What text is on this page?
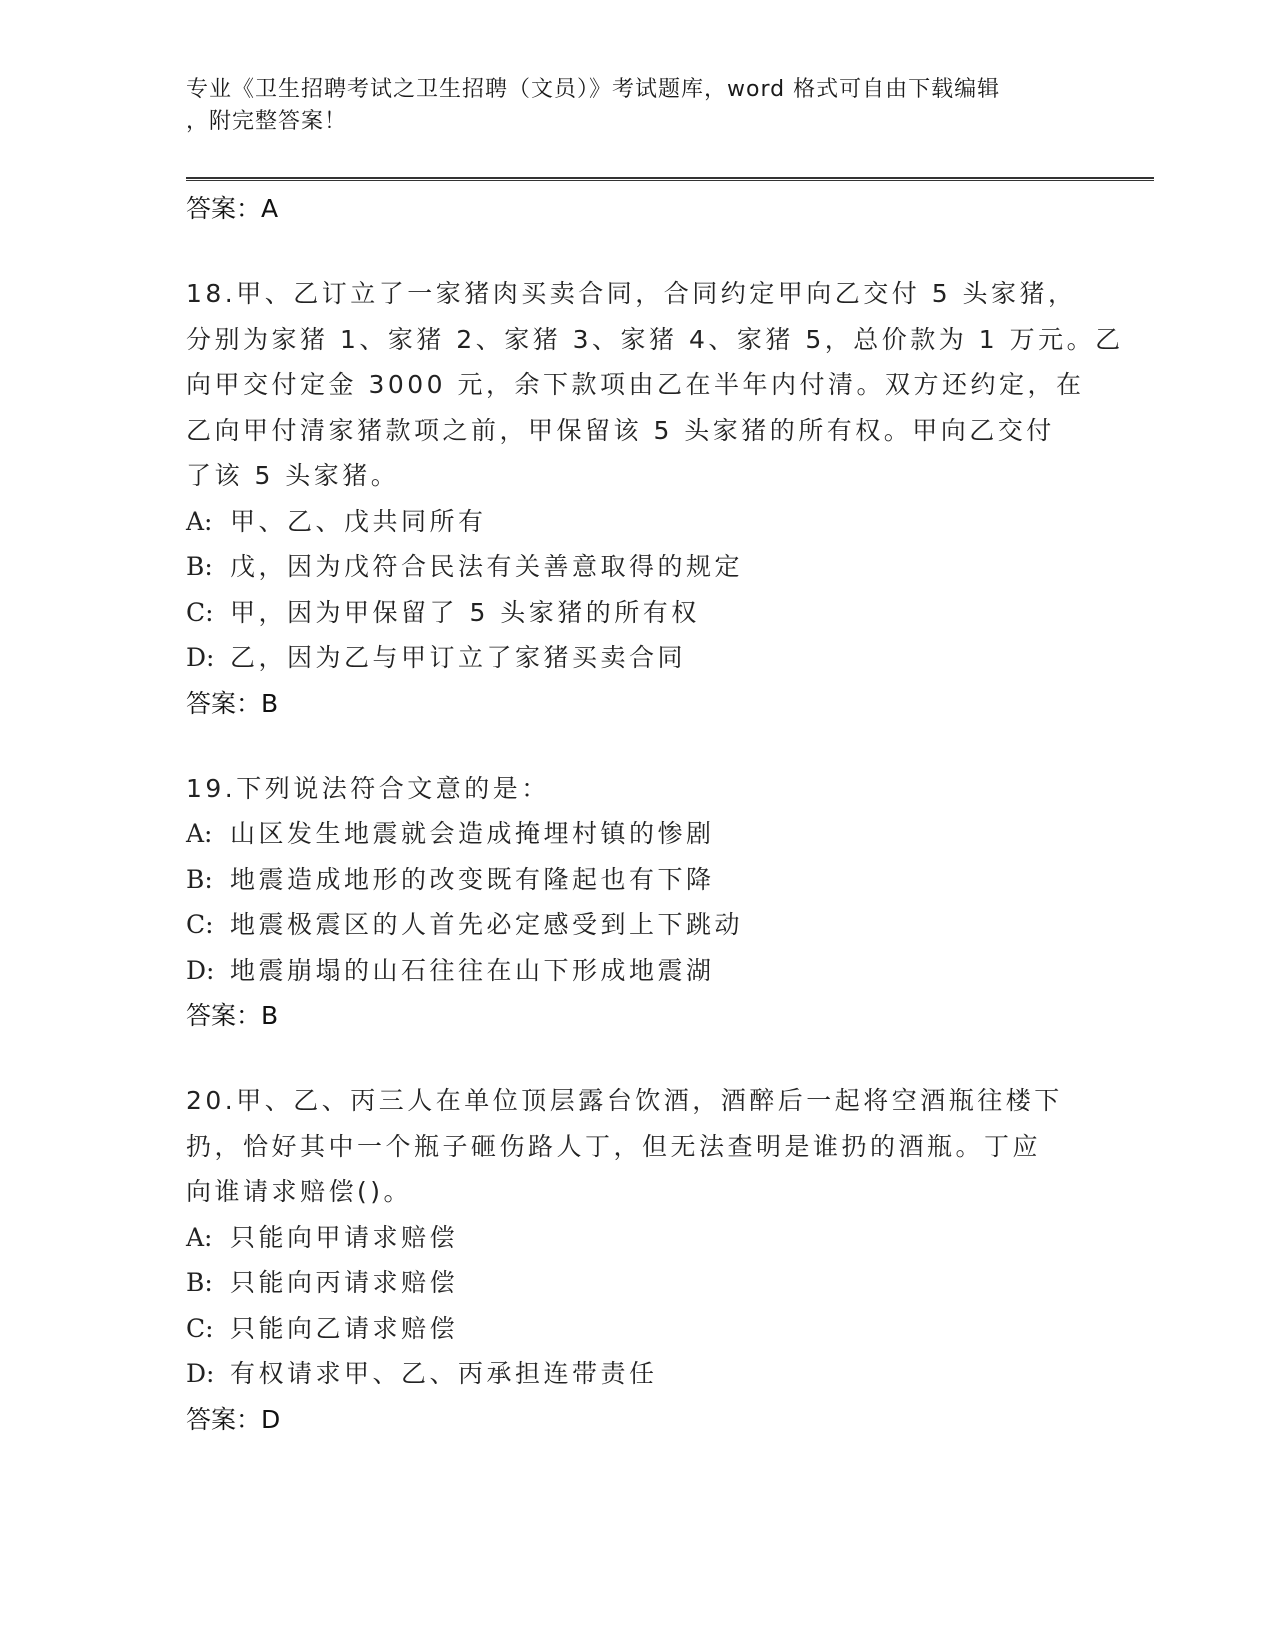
专业《卫生招聘考试之卫生招聘（文员）》考试题库，word 格式可自由下载编辑
，附完整答案！
答案：A
18.甲、乙订立了一家猪肉买卖合同，合同约定甲向乙交付 5 头家猪，
分别为家猪 1、家猪 2、家猪 3、家猪 4、家猪 5，总价款为 1 万元。乙
向甲交付定金 3000 元，余下款项由乙在半年内付清。双方还约定，在
乙向甲付清家猪款项之前，甲保留该 5 头家猪的所有权。甲向乙交付
了该 5 头家猪。
A: 甲、乙、戊共同所有
B: 戊，因为戊符合民法有关善意取得的规定
C: 甲，因为甲保留了 5 头家猪的所有权
D: 乙，因为乙与甲订立了家猪买卖合同
答案：B
19.下列说法符合文意的是：
A: 山区发生地震就会造成掩埋村镇的惨剧
B: 地震造成地形的改变既有隆起也有下降
C: 地震极震区的人首先必定感受到上下跳动
D: 地震崩塌的山石往往在山下形成地震湖
答案：B
20.甲、乙、丙三人在单位顶层露台饮酒，酒醉后一起将空酒瓶往楼下
扔，恰好其中一个瓶子砸伤路人丁，但无法查明是谁扔的酒瓶。丁应
向谁请求赔偿()。
A: 只能向甲请求赔偿
B: 只能向丙请求赔偿
C: 只能向乙请求赔偿
D: 有权请求甲、乙、丙承担连带责任
答案：D
